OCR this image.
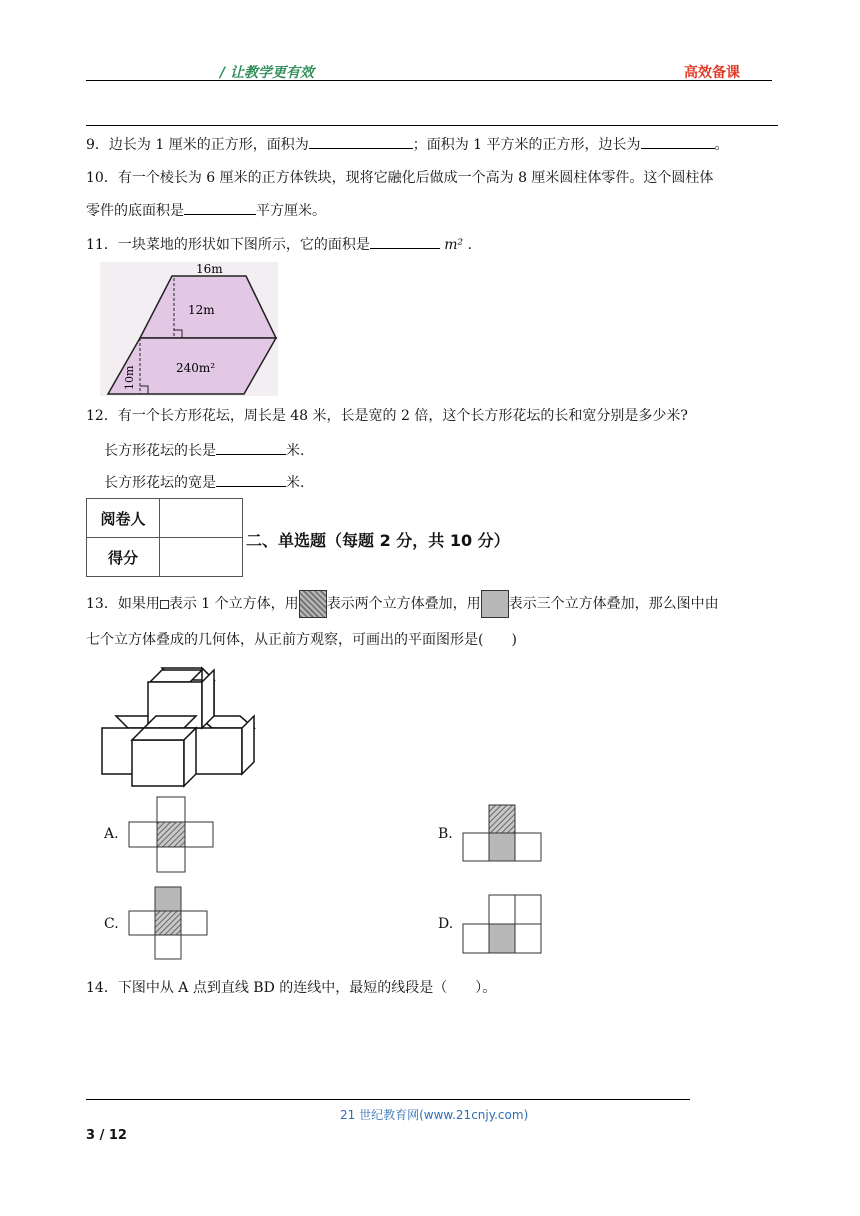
/ 让教学更有效	高效备课
9．边长为 1 厘米的正方形，面积为	；面积为 1 平方米的正方形，边长为	。
10．有一个棱长为 6 厘米的正方体铁块，现将它融化后做成一个高为 8 厘米圆柱体零件。这个圆柱体
零件的底面积是	平方厘米。
11．一块菜地的形状如下图所示，它的面积是	m² .
16m
12m
240m²
10m
12．有一个长方形花坛，周长是 48 米，长是宽的 2 倍，这个长方形花坛的长和宽分别是多少米?
长方形花坛的长是	米.
长方形花坛的宽是	米.
阅卷人	
得分	
二、单选题（每题 2 分，共 10 分）
13．如果用 表示 1 个立方体，用 表示两个立方体叠加，用 表示三个立方体叠加，那么图中由
七个立方体叠成的几何体，从正前方观察，可画出的平面图形是(　　)
A.	B.
C.	D.
14．下图中从 A 点到直线 BD 的连线中，最短的线段是（　　）。
21 世纪教育网(www.21cnjy.com)
3 / 12
